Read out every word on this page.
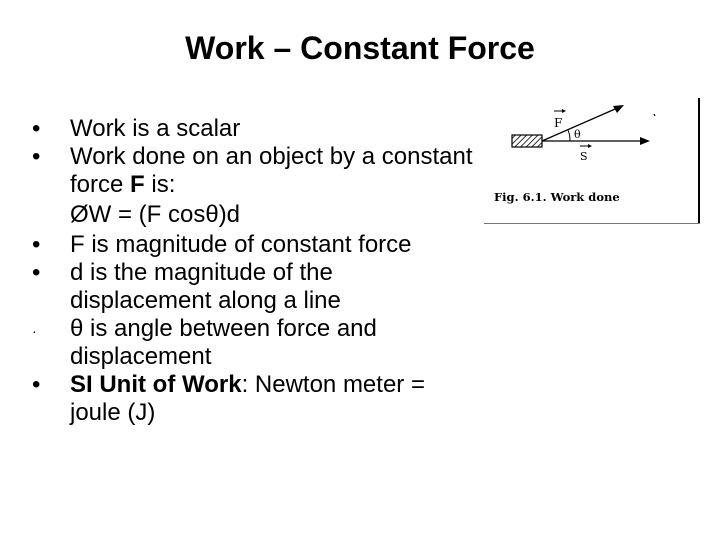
Work – Constant Force
•	Work is a scalar
•	Work done on an object by a constant force F is:
ØW = (F cosθ)d
•	F is magnitude of constant force
•	d is the magnitude of the displacement along a line
·	θ is angle between force and displacement
•	SI Unit of Work: Newton meter = joule (J)
F
θ
S
Fig. 6.1. Work done
